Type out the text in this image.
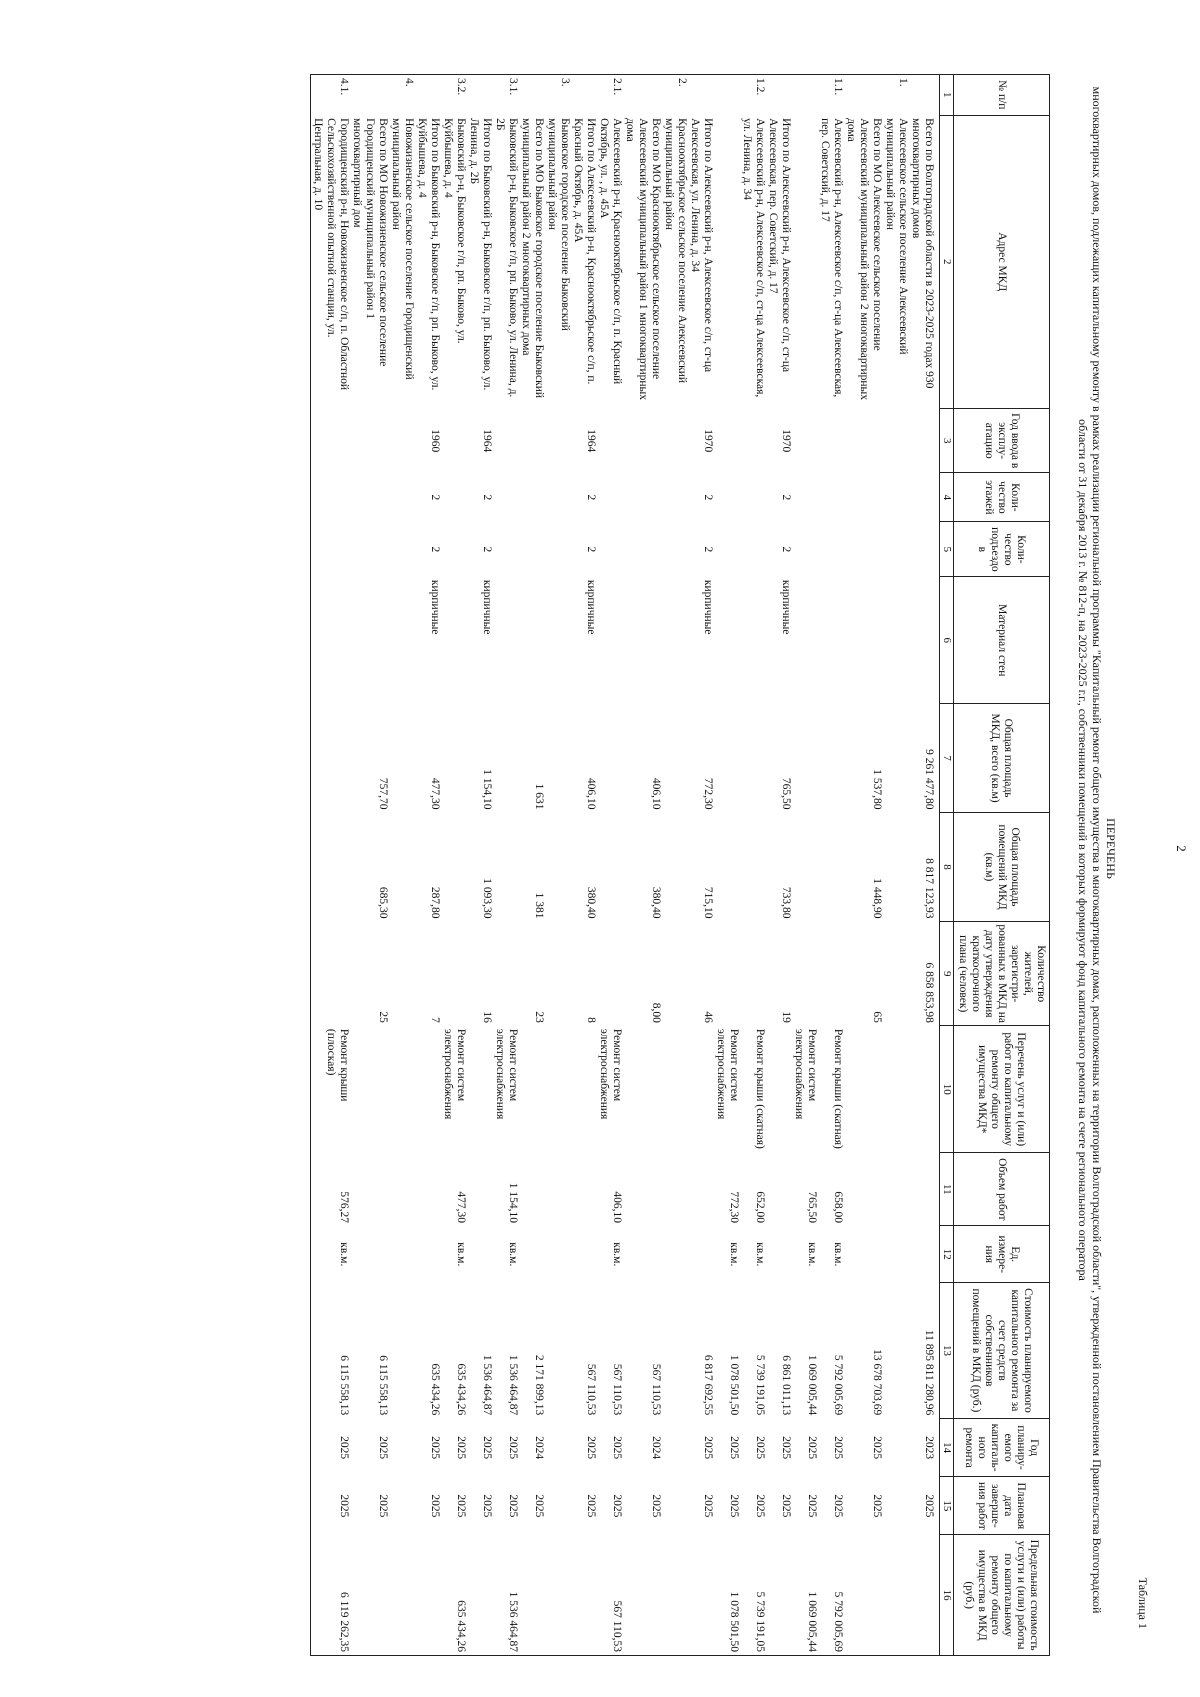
2
Таблица 1
ПЕРЕЧЕНЬ
многоквартирных домов, подлежащих капитальному ремонту в рамках реализации региональной программы "Капитальный ремонт общего имущества в многоквартирных домах, расположенных на территории Волгоградской области", утвержденной постановлением Правительства Волгоградской области от 31 декабря 2013 г. № 812-п, на 2023-2025 г.г., собственники помещений в которых формируют фонд капитального ремонта на счете регионального оператора
№ п/п	Адрес МКД	Год ввода в эксплу-атацию	Коли-чество этажей	Коли-чество подъездо в	Материал стен	Общая площадь МКД, всего (кв.м)	Общая площадь помещений МКД (кв.м)	Количество жителей, зарегистри-рованных в МКД на дату утверждения краткосрочного плана (человек)	Перечень услуг и (или) работ по капитальному ремонту общего имущества МКД*	Объем работ	Ед. измере-ния	Стоимость планируемого капитального ремонта за счет средств собственников помещений в МКД (руб.)	Год планиру-емого капиталь-ного ремонта	Плановая дата заверше-ния работ	Предельная стоимость услуги и (или) работы по капитальному ремонту общего имущества в МКД (руб.)
1	2	3	4	5	6	7	8	9	10	11	12	13	14	15	16
	Всего по Волгоградской области в 2023-2025 годах 930 многоквартирных домов					9 261 477,80	8 817 123,93	6 858 853,98				11 895 811 280,96	2023	2025	
1.	Алексеевское сельское поселение Алексеевский муниципальный район														
	Всего по МО Алексеевское сельское поселение Алексеевский муниципальный район 2 многоквартирных дома					1 537,80	1 448,90	65				13 678 703,69	2025	2025	
1.1.	Алексеевский р-н, Алексеевское с/п, ст-ца Алексеевская, пер. Советский, д. 17								Ремонт крыши (скатная)	658,00	кв.м.	5 792 005,69	2025	2025	5 792 005,69
									Ремонт систем электроснабжения	765,50	кв.м.	1 069 005,44	2025	2025	1 069 005,44
	Итого по Алексеевский р-н, Алексеевское с/п, ст-ца Алексеевская, пер. Советский, д. 17	1970	2	2	кирпичные	765,50	733,80	19				6 861 011,13	2025	2025	
1.2.	Алексеевский р-н, Алексеевское с/п, ст-ца Алексеевская, ул. Ленина, д. 34								Ремонт крыши (скатная)	652,00	кв.м.	5 739 191,05	2025	2025	5 739 191,05
									Ремонт систем электроснабжения	772,30	кв.м.	1 078 501,50	2025	2025	1 078 501,50
	Итого по Алексеевский р-н, Алексеевское с/п, ст-ца Алексеевская, ул. Ленина, д. 34	1970	2	2	кирпичные	772,30	715,10	46				6 817 692,55	2025	2025	
2.	Краснооктябрьское сельское поселение Алексеевский муниципальный район														
	Всего по МО Краснооктябрьское сельское поселение Алексеевский муниципальный район 1 многоквартирных дома					406,10	380,40	8,00				567 110,53	2024	2025	
2.1.	Алексеевский р-н, Краснооктябрьское с/п, п. Красный Октябрь, ул. , д. 45А								Ремонт систем электроснабжения	406,10	кв.м.	567 110,53	2025	2025	567 110,53
	Итого по Алексеевский р-н, Краснооктябрьское с/п, п. Красный Октябрь, д. 45А	1964	2	2	кирпичные	406,10	380,40	8				567 110,53	2025	2025	
3.	Быковское городское поселение Быковский муниципальный район														
	Всего по МО Быковское городское поселение Быковский муниципальный район 2 многоквартирных дома					1 631	1 381	23				2 171 899,13	2024	2025	
3.1.	Быковский р-н, Быковское г/п, рп. Быково, ул. Ленина, д. 2Б								Ремонт систем электроснабжения	1 154,10	кв.м.	1 536 464,87	2025	2025	1 536 464,87
	Итого по Быковский р-н, Быковское г/п, рп. Быково, ул. Ленина, д. 2Б	1964	2	2	кирпичные	1 154,10	1 093,30	16				1 536 464,87	2025	2025	
3.2.	Быковский р-н, Быковское г/п, рп. Быково, ул. Куйбышева, д. 4								Ремонт систем электроснабжения	477,30	кв.м.	635 434,26	2025	2025	635 434,26
	Итого по Быковский р-н, Быковское г/п, рп. Быково, ул. Куйбышева, д. 4	1960	2	2	кирпичные	477,30	287,80	7				635 434,26	2025	2025	
4.	Новожизненское сельское поселение Городищенский муниципальный район														
	Всего по МО Новожизненское сельское поселение Городищенский муниципальный район 1 многоквартирный дом					757,70	685,30	25				6 115 558,13	2025	2025	
4.1.	Городищенский р-н, Новожизненское с/п, п. Областной Сельскохозяйственной опытной станции, ул. Центральная, д. 10								Ремонт крыши (плоская)	576,27	кв.м.	6 115 558,13	2025	2025	6 119 262,35
